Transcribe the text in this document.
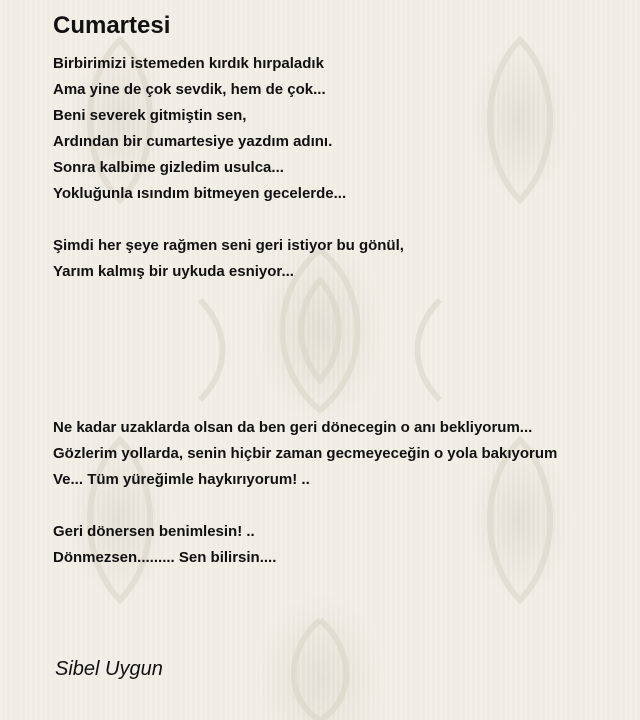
Cumartesi

Birbirimizi istemeden kırdık hırpaladık
Ama yine de çok sevdik, hem de çok...
Beni severek gitmiştin sen,
Ardından bir cumartesiye yazdım adını.
Sonra kalbime gizledim usulca...
Yokluğunla ısındım bitmeyen gecelerde...

Şimdi her şeye rağmen seni geri istiyor bu gönül,
Yarım kalmış bir uykuda esniyor...

Ne kadar uzaklarda olsan da ben geri dönecegin o anı bekliyorum...
Gözlerim yollarda, senin hiçbir zaman gecmeyeceğin o yola bakıyorum
Ve... Tüm yüreğimle haykırıyorum! ..

Geri dönersen benimlesin! ..
Dönmezsen......... Sen bilirsin....

Sibel Uygun
